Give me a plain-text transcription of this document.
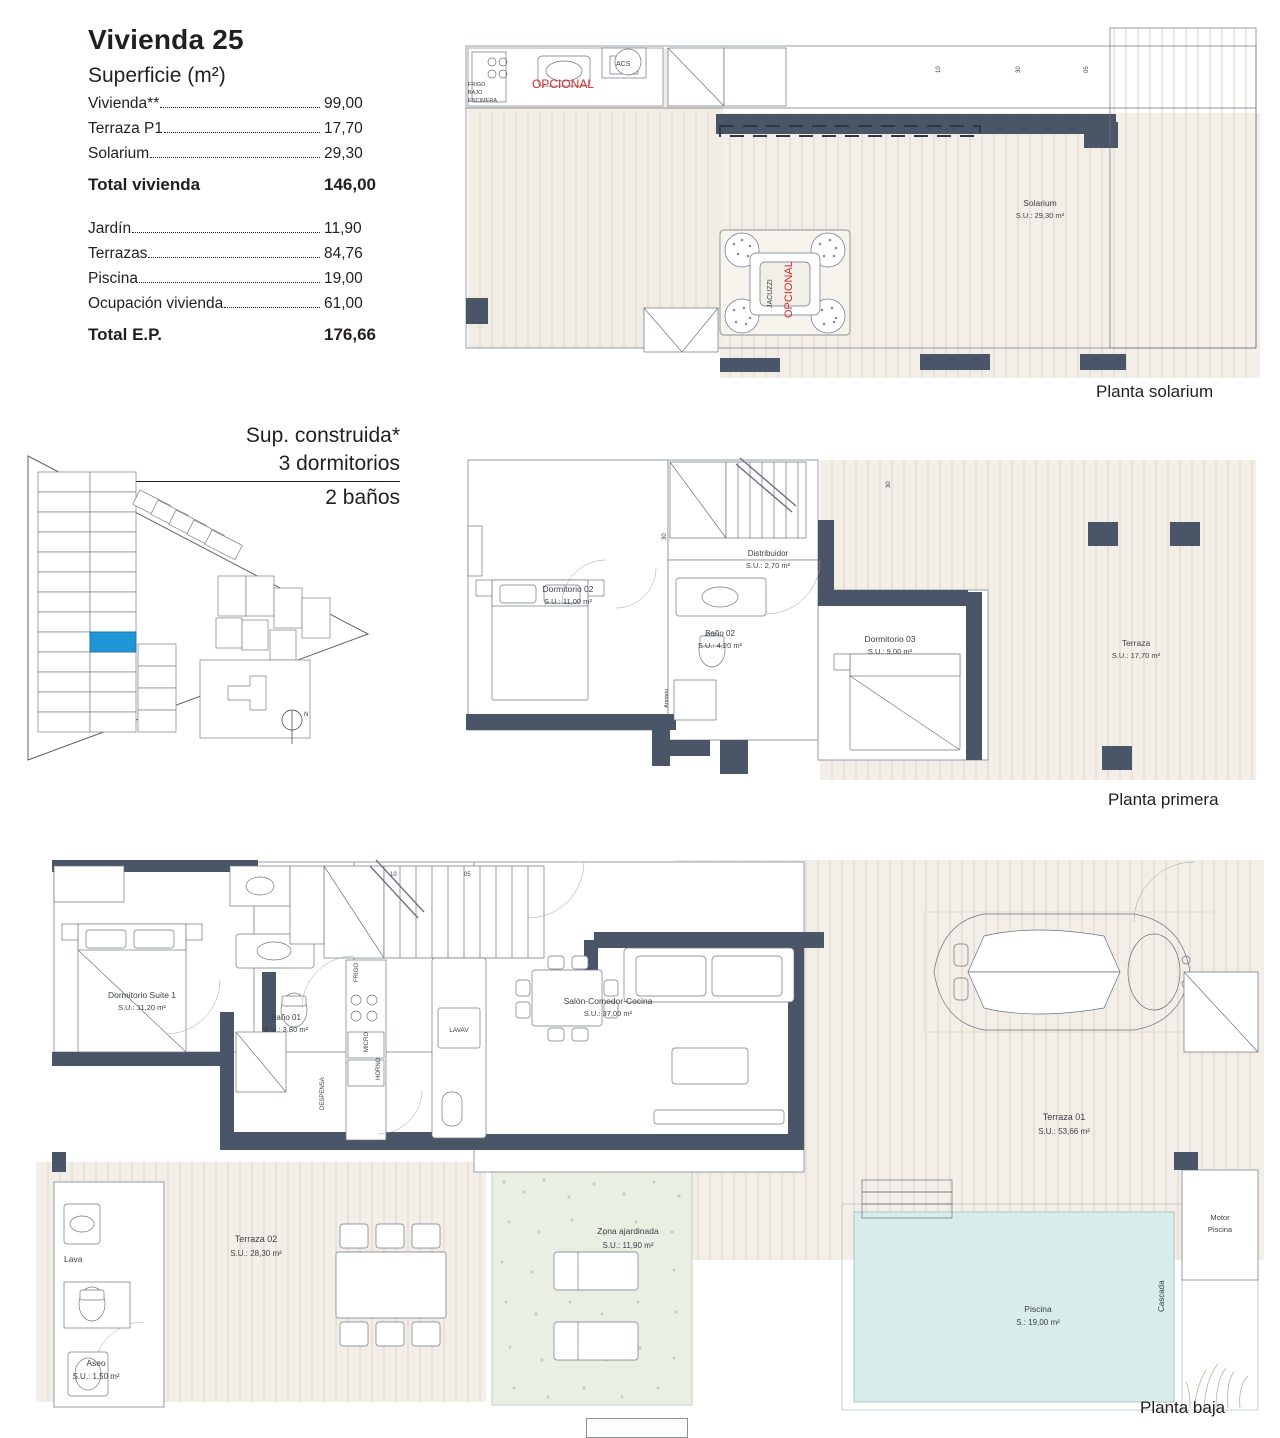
Vivienda 25
Superficie (m²)
Vivienda* *	99,00
Terraza P1	17,70
Solarium	29,30
Total vivienda	146,00
Jardín	11,90
Terrazas	84,76
Piscina	19,00
Ocupación vivienda	61,00
Total E.P.	176,66
Sup. construida*
3 dormitorios
2 baños
N
FRIGO
BAJO
ENCIMERA
OPCIONAL
ACS
JACUZZI OPCIONAL
10	30	05
Solarium
S.U.: 29,30 m²
Planta solarium
Armario
Dormitorio 02
S.U.: 11,00 m²
Distribuidor
S.U.: 2,70 m²
Baño 02
S.U.: 4,20 m²
Dormitorio 03
S.U.: 9,00 m²
Terraza
S.U.: 17,70 m²
30
30
Planta primera
10	05
FRIGO
MICRO
HORNO
DESPENSA
LAVAV
Lava
Motor
Piscina
Cascada
Dormitorio Suite 1
S.U.: 11,20 m²
Baño 01
S.U.: 3,80 m²
Salón-Comedor-Cocina
S.U.: 37,00 m²
Terraza 01
S.U.: 53,66 m²
Terraza 02
S.U.: 28,30 m²
Zona ajardinada
S.U.: 11,90 m²
Piscina
S.: 19,00 m²
Aseo
S.U.: 1,50 m²
Planta baja
